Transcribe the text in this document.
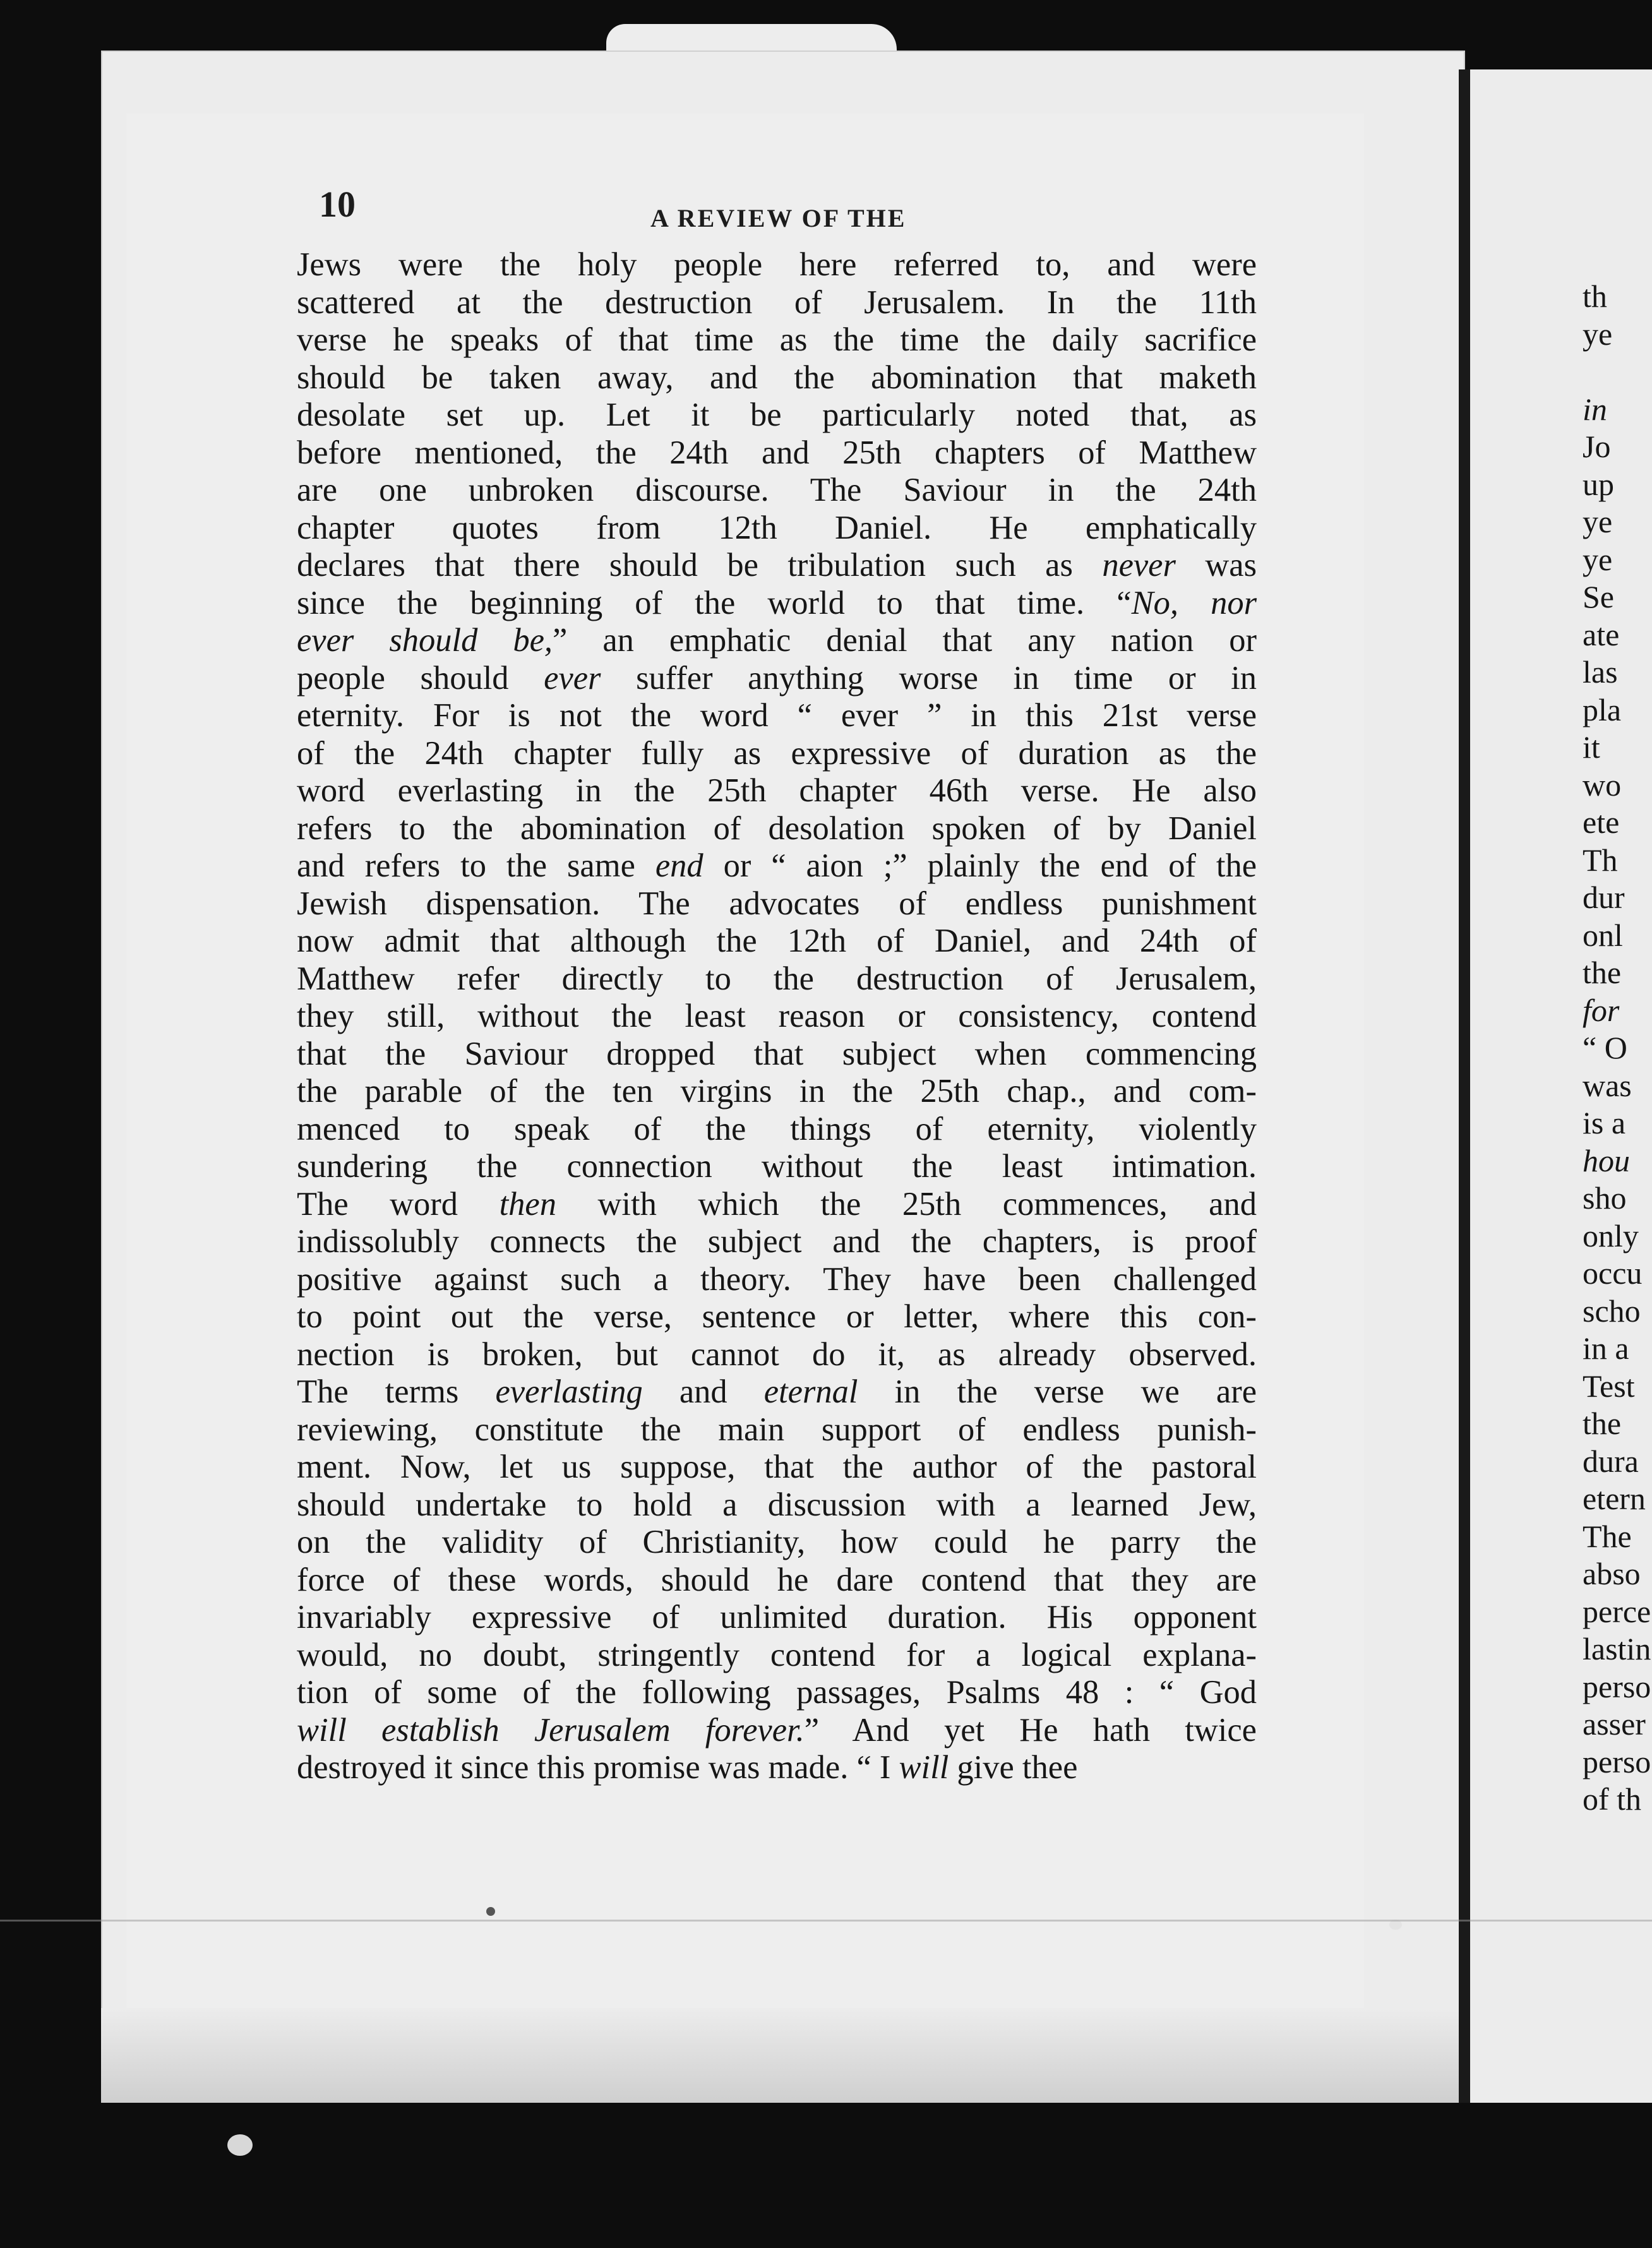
10	A REVIEW OF THE
Jews were the holy people here referred to, and were
scattered at the destruction of Jerusalem. In the 11th
verse he speaks of that time as the time the daily sacrifice
should be taken away, and the abomination that maketh
desolate set up. Let it be particularly noted that, as
before mentioned, the 24th and 25th chapters of Matthew
are one unbroken discourse. The Saviour in the 24th
chapter quotes from 12th Daniel. He emphatically
declares that there should be tribulation such as never was
since the beginning of the world to that time. “No, nor
ever should be,” an emphatic denial that any nation or
people should ever suffer anything worse in time or in
eternity. For is not the word “ ever ” in this 21st verse
of the 24th chapter fully as expressive of duration as the
word everlasting in the 25th chapter 46th verse. He also
refers to the abomination of desolation spoken of by Daniel
and refers to the same end or “ aion ;” plainly the end of the
Jewish dispensation. The advocates of endless punishment
now admit that although the 12th of Daniel, and 24th of
Matthew refer directly to the destruction of Jerusalem,
they still, without the least reason or consistency, contend
that the Saviour dropped that subject when commencing
the parable of the ten virgins in the 25th chap., and com-
menced to speak of the things of eternity, violently
sundering the connection without the least intimation.
The word then with which the 25th commences, and
indissolubly connects the subject and the chapters, is proof
positive against such a theory. They have been challenged
to point out the verse, sentence or letter, where this con-
nection is broken, but cannot do it, as already observed.
The terms everlasting and eternal in the verse we are
reviewing, constitute the main support of endless punish-
ment. Now, let us suppose, that the author of the pastoral
should undertake to hold a discussion with a learned Jew,
on the validity of Christianity, how could he parry the
force of these words, should he dare contend that they are
invariably expressive of unlimited duration. His opponent
would, no doubt, stringently contend for a logical explana-
tion of some of the following passages, Psalms 48 : “ God
will establish Jerusalem forever.” And yet He hath twice
destroyed it since this promise was made. “ I will give thee
th
ye
in
Jo
up
ye
ye
Se
ate
las
pla
it
wo
ete
Th
dur
onl
the
for
“ O
was
is a
hou
sho
only
occu
scho
in a
Test
the
dura
etern
The
abso
perce
lastin
perso
asser
perso
of th
